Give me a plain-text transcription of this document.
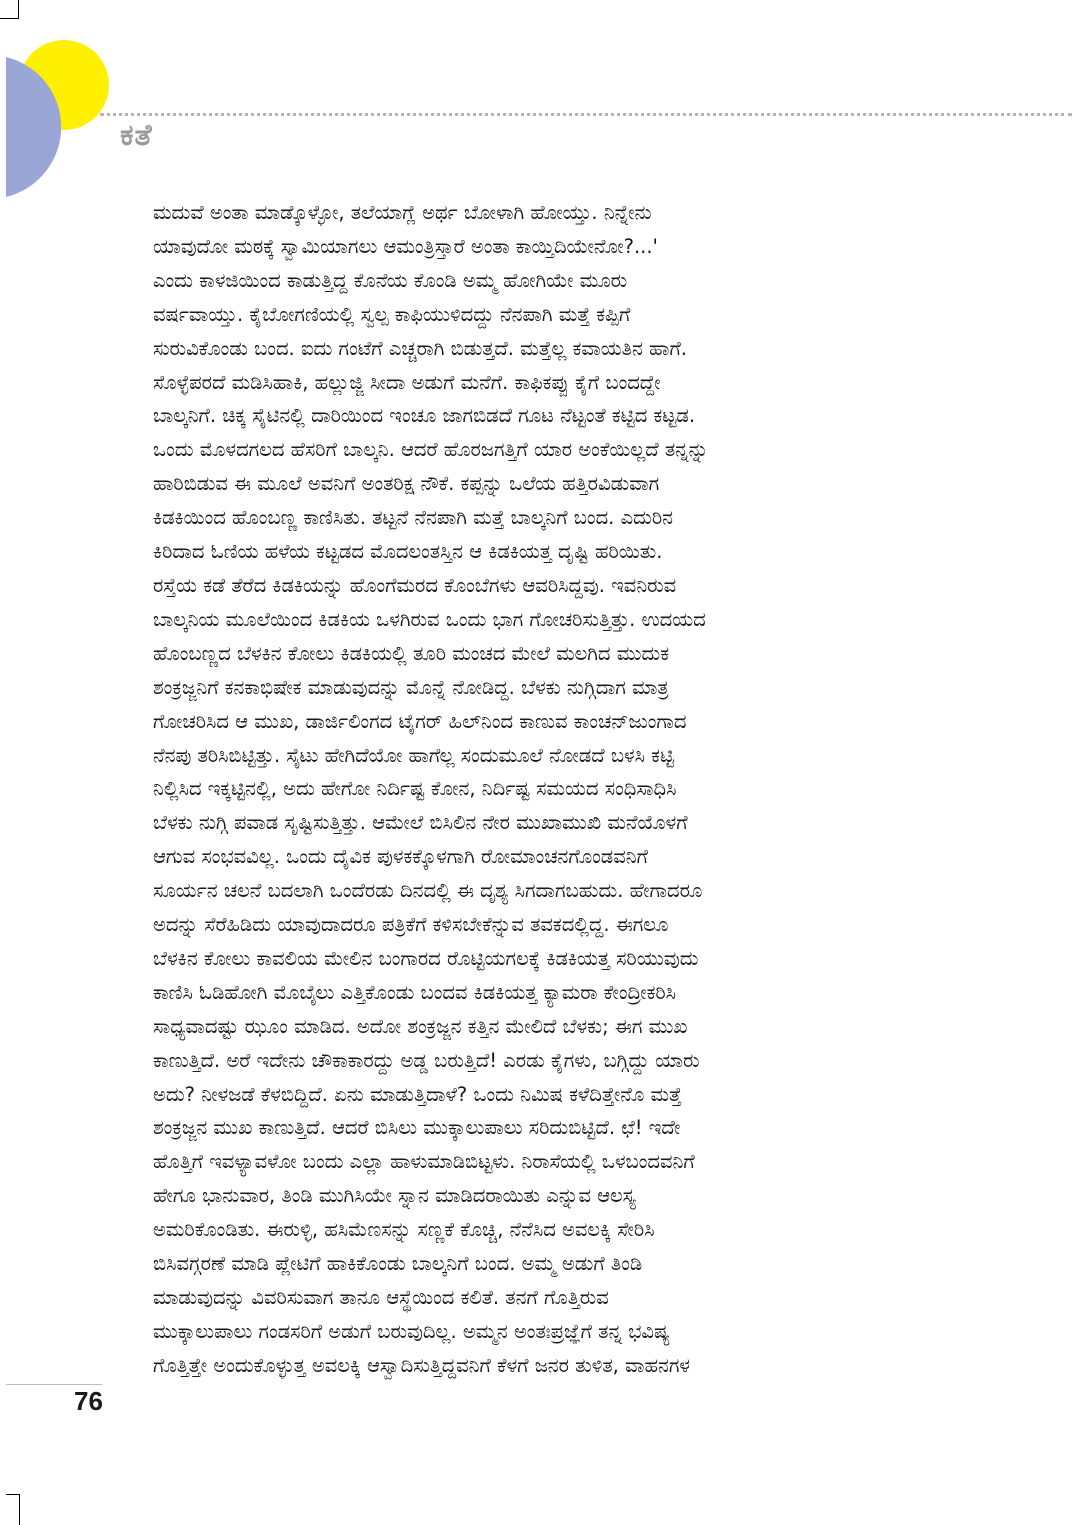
ಕತೆ
ಮದುವೆ ಅಂತಾ ಮಾಡ್ಕೊಳ್ಳೋ, ತಲೆಯಾಗ್ಲೆ ಅರ್ಥ ಬೋಳಾಗಿ ಹೋಯ್ತು. ನಿನ್ನೇನು
ಯಾವುದೋ ಮಠಕ್ಕೆ ಸ್ವಾಮಿಯಾಗಲು ಆಮಂತ್ರಿಸ್ತಾರೆ ಅಂತಾ ಕಾಯ್ತಿದಿಯೇನೋ?...'
ಎಂದು ಕಾಳಜಿಯಿಂದ ಕಾಡುತ್ತಿದ್ದ ಕೊನೆಯ ಕೊಂಡಿ ಅಮ್ಮ ಹೋಗಿಯೇ ಮೂರು
ವರ್ಷವಾಯ್ತು. ಕೈಬೋಗಣಿಯಲ್ಲಿ ಸ್ವಲ್ಪ ಕಾಫಿಯುಳಿದದ್ದು ನೆನಪಾಗಿ ಮತ್ತೆ ಕಪ್ಪಿಗೆ
ಸುರುವಿಕೊಂಡು ಬಂದ. ಐದು ಗಂಟೆಗೆ ಎಚ್ಚರಾಗಿ ಬಿಡುತ್ತದೆ. ಮತ್ತೆಲ್ಲ ಕವಾಯತಿನ ಹಾಗೆ.
ಸೊಳ್ಳೆಪರದೆ ಮಡಿಸಿಹಾಕಿ, ಹಲ್ಲುಜ್ಜಿ ಸೀದಾ ಅಡುಗೆ ಮನೆಗೆ. ಕಾಫಿಕಪ್ಪು ಕೈಗೆ ಬಂದದ್ದೇ
ಬಾಲ್ಕನಿಗೆ. ಚಿಕ್ಕ ಸೈಟಿನಲ್ಲಿ ದಾರಿಯಿಂದ ಇಂಚೂ ಜಾಗಬಿಡದೆ ಗೂಟ ನೆಟ್ಟಂತೆ ಕಟ್ಟಿದ ಕಟ್ಟಡ.
ಒಂದು ಮೊಳದಗಲದ ಹೆಸರಿಗೆ ಬಾಲ್ಕನಿ. ಆದರೆ ಹೊರಜಗತ್ತಿಗೆ ಯಾರ ಅಂಕೆಯಿಲ್ಲದೆ ತನ್ನನ್ನು
ಹಾರಿಬಿಡುವ ಈ ಮೂಲೆ ಅವನಿಗೆ ಅಂತರಿಕ್ಷ ನೌಕೆ. ಕಪ್ಪನ್ನು ಒಲೆಯ ಹತ್ತಿರವಿಡುವಾಗ
ಕಿಡಕಿಯಿಂದ ಹೊಂಬಣ್ಣ ಕಾಣಿಸಿತು. ತಟ್ಟನೆ ನೆನಪಾಗಿ ಮತ್ತೆ ಬಾಲ್ಕನಿಗೆ ಬಂದ. ಎದುರಿನ
ಕಿರಿದಾದ ಓಣಿಯ ಹಳೆಯ ಕಟ್ಟಡದ ಮೊದಲಂತಸ್ತಿನ ಆ ಕಿಡಕಿಯತ್ತ ದೃಷ್ಟಿ ಹರಿಯಿತು.
ರಸ್ತೆಯ ಕಡೆ ತೆರೆದ ಕಿಡಕಿಯನ್ನು ಹೊಂಗೆಮರದ ಕೊಂಬೆಗಳು ಆವರಿಸಿದ್ದವು. ಇವನಿರುವ
ಬಾಲ್ಕನಿಯ ಮೂಲೆಯಿಂದ ಕಿಡಕಿಯ ಒಳಗಿರುವ ಒಂದು ಭಾಗ ಗೋಚರಿಸುತ್ತಿತ್ತು. ಉದಯದ
ಹೊಂಬಣ್ಣದ ಬೆಳಕಿನ ಕೋಲು ಕಿಡಕಿಯಲ್ಲಿ ತೂರಿ ಮಂಚದ ಮೇಲೆ ಮಲಗಿದ ಮುದುಕ
ಶಂಕ್ರಜ್ಜನಿಗೆ ಕನಕಾಭಿಷೇಕ ಮಾಡುವುದನ್ನು ಮೊನ್ನೆ ನೋಡಿದ್ದ. ಬೆಳಕು ನುಗ್ಗಿದಾಗ ಮಾತ್ರ
ಗೋಚರಿಸಿದ ಆ ಮುಖ, ಡಾರ್ಜಿಲಿಂಗದ ಟೈಗರ್ ಹಿಲ್‌ನಿಂದ ಕಾಣುವ ಕಾಂಚನ್‌ಜುಂಗಾದ
ನೆನಪು ತರಿಸಿಬಿಟ್ಟಿತ್ತು. ಸೈಟು ಹೇಗಿದೆಯೋ ಹಾಗೆಲ್ಲ ಸಂದುಮೂಲೆ ನೋಡದೆ ಬಳಸಿ ಕಟ್ಟಿ
ನಿಲ್ಲಿಸಿದ ಇಕ್ಕಟ್ಟಿನಲ್ಲಿ, ಅದು ಹೇಗೋ ನಿರ್ದಿಷ್ಟ ಕೋನ, ನಿರ್ದಿಷ್ಟ ಸಮಯದ ಸಂಧಿಸಾಧಿಸಿ
ಬೆಳಕು ನುಗ್ಗಿ ಪವಾಡ ಸೃಷ್ಟಿಸುತ್ತಿತ್ತು. ಆಮೇಲೆ ಬಿಸಿಲಿನ ನೇರ ಮುಖಾಮುಖಿ ಮನೆಯೊಳಗೆ
ಆಗುವ ಸಂಭವವಿಲ್ಲ. ಒಂದು ದೈವಿಕ ಪುಳಕಕ್ಕೊಳಗಾಗಿ ರೋಮಾಂಚನಗೊಂಡವನಿಗೆ
ಸೂರ್ಯನ ಚಲನೆ ಬದಲಾಗಿ ಒಂದೆರಡು ದಿನದಲ್ಲಿ ಈ ದೃಶ್ಯ ಸಿಗದಾಗಬಹುದು. ಹೇಗಾದರೂ
ಅದನ್ನು ಸೆರೆಹಿಡಿದು ಯಾವುದಾದರೂ ಪತ್ರಿಕೆಗೆ ಕಳಿಸಬೇಕೆನ್ನುವ ತವಕದಲ್ಲಿದ್ದ. ಈಗಲೂ
ಬೆಳಕಿನ ಕೋಲು ಕಾವಲಿಯ ಮೇಲಿನ ಬಂಗಾರದ ರೊಟ್ಟಿಯಗಲಕ್ಕೆ ಕಿಡಕಿಯತ್ತ ಸರಿಯುವುದು
ಕಾಣಿಸಿ ಓಡಿಹೋಗಿ ಮೊಬೈಲು ಎತ್ತಿಕೊಂಡು ಬಂದವ ಕಿಡಕಿಯತ್ತ ಕ್ಯಾಮರಾ ಕೇಂದ್ರೀಕರಿಸಿ
ಸಾಧ್ಯವಾದಷ್ಟು ಝೂಂ ಮಾಡಿದ. ಅದೋ ಶಂಕ್ರಜ್ಜನ ಕತ್ತಿನ ಮೇಲಿದೆ ಬೆಳಕು; ಈಗ ಮುಖ
ಕಾಣುತ್ತಿದೆ. ಅರೆ ಇದೇನು ಚೌಕಾಕಾರದ್ದು ಅಡ್ಡ ಬರುತ್ತಿದೆ! ಎರಡು ಕೈಗಳು, ಬಗ್ಗಿದ್ದು ಯಾರು
ಅದು? ನೀಳಜಡೆ ಕೆಳಬಿದ್ದಿದೆ. ಏನು ಮಾಡುತ್ತಿದಾಳೆ? ಒಂದು ನಿಮಿಷ ಕಳೆದಿತ್ತೇನೊ ಮತ್ತೆ
ಶಂಕ್ರಜ್ಜನ ಮುಖ ಕಾಣುತ್ತಿದೆ. ಆದರೆ ಬಿಸಿಲು ಮುಕ್ಕಾಲುಪಾಲು ಸರಿದುಬಿಟ್ಟಿದೆ. ಛೆ! ಇದೇ
ಹೊತ್ತಿಗೆ ಇವಳ್ಯಾವಳೋ ಬಂದು ಎಲ್ಲಾ ಹಾಳುಮಾಡಿಬಿಟ್ಟಳು. ನಿರಾಸೆಯಲ್ಲಿ ಒಳಬಂದವನಿಗೆ
ಹೇಗೂ ಭಾನುವಾರ, ತಿಂಡಿ ಮುಗಿಸಿಯೇ ಸ್ನಾನ ಮಾಡಿದರಾಯಿತು ಎನ್ನುವ ಆಲಸ್ಯ
ಅಮರಿಕೊಂಡಿತು. ಈರುಳ್ಳಿ, ಹಸಿಮೆಣಸನ್ನು ಸಣ್ಣಕೆ ಕೊಚ್ಚಿ, ನೆನೆಸಿದ ಅವಲಕ್ಕಿ ಸೇರಿಸಿ
ಬಿಸಿವಗ್ಗರಣೆ ಮಾಡಿ ಪ್ಲೇಟಿಗೆ ಹಾಕಿಕೊಂಡು ಬಾಲ್ಕನಿಗೆ ಬಂದ. ಅಮ್ಮ ಅಡುಗೆ ತಿಂಡಿ
ಮಾಡುವುದನ್ನು ವಿವರಿಸುವಾಗ ತಾನೂ ಆಸ್ಥೆಯಿಂದ ಕಲಿತೆ. ತನಗೆ ಗೊತ್ತಿರುವ
ಮುಕ್ಕಾಲುಪಾಲು ಗಂಡಸರಿಗೆ ಅಡುಗೆ ಬರುವುದಿಲ್ಲ. ಅಮ್ಮನ ಅಂತಃಪ್ರಜ್ಞೆಗೆ ತನ್ನ ಭವಿಷ್ಯ
ಗೊತ್ತಿತ್ತೇ ಅಂದುಕೊಳ್ಳುತ್ತ ಅವಲಕ್ಕಿ ಆಸ್ವಾದಿಸುತ್ತಿದ್ದವನಿಗೆ ಕೆಳಗೆ ಜನರ ತುಳಿತ, ವಾಹನಗಳ
76
